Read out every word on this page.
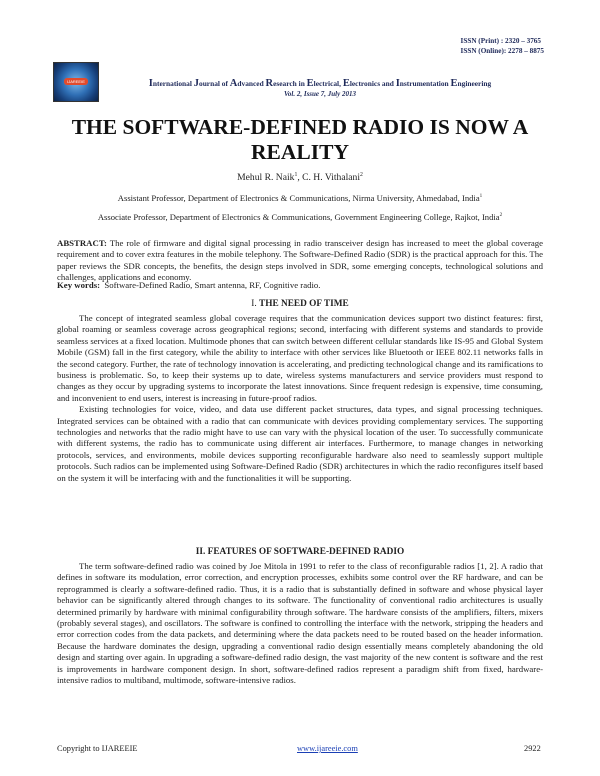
ISSN (Print) : 2320 – 3765
ISSN (Online): 2278 – 8875
IJAREEIE	International Journal of Advanced Research in Electrical, Electronics and Instrumentation Engineering
Vol. 2, Issue 7, July 2013
THE SOFTWARE-DEFINED RADIO IS NOW A
REALITY
Mehul R. Naik$^1$, C. H. Vithalani$^2$
Assistant Professor, Department of Electronics & Communications, Nirma University, Ahmedabad, India$^1$
Associate Professor, Department of Electronics & Communications, Government Engineering College, Rajkot, India$^2$

ABSTRACT: The role of firmware and digital signal processing in radio transceiver design has increased to meet the global coverage requirement and to cover extra features in the mobile telephony. The Software-Defined Radio (SDR) is the practical approach for this. The paper reviews the SDR concepts, the benefits, the design steps involved in SDR, some emerging concepts, technological solutions and challenges, applications and economy.

Key words:  Software-Defined Radio, Smart antenna, RF, Cognitive radio.
I. THE NEED OF TIME

The concept of integrated seamless global coverage requires that the communication devices support two distinct features: first, global roaming or seamless coverage across geographical regions; second, interfacing with different systems and standards to provide seamless services at a fixed location. Multimode phones that can switch between different cellular standards like IS-95 and Global System Mobile (GSM) fall in the first category, while the ability to interface with other services like Bluetooth or IEEE 802.11 networks falls in the second category. Further, the rate of technology innovation is accelerating, and predicting technological change and its ramifications to business is problematic. So, to keep their systems up to date, wireless systems manufacturers and service providers must respond to changes as they occur by upgrading systems to incorporate the latest innovations. Since frequent redesign is expensive, time consuming, and inconvenient to end users, interest is increasing in future-proof radios.

Existing technologies for voice, video, and data use different packet structures, data types, and signal processing techniques. Integrated services can be obtained with a radio that can communicate with devices providing complementary services. The supporting technologies and networks that the radio might have to use can vary with the physical location of the user. To successfully communicate with different systems, the radio has to communicate using different air interfaces. Furthermore, to manage changes in networking protocols, services, and environments, mobile devices supporting reconfigurable hardware also need to seamlessly support multiple protocols. Such radios can be implemented using Software-Defined Radio (SDR) architectures in which the radio reconfigures itself based on the system it will be interfacing with and the functionalities it will be supporting.

II. FEATURES OF SOFTWARE-DEFINED RADIO

The term software-defined radio was coined by Joe Mitola in 1991 to refer to the class of reconfigurable radios [1, 2]. A radio that defines in software its modulation, error correction, and encryption processes, exhibits some control over the RF hardware, and can be reprogrammed is clearly a software-defined radio. Thus, it is a radio that is substantially defined in software and whose physical layer behavior can be significantly altered through changes to its software. The functionality of conventional radio architectures is usually determined primarily by hardware with minimal configurability through software. The hardware consists of the amplifiers, filters, mixers (probably several stages), and oscillators. The software is confined to controlling the interface with the network, stripping the headers and error correction codes from the data packets, and determining where the data packets need to be routed based on the header information. Because the hardware dominates the design, upgrading a conventional radio design essentially means completely abandoning the old design and starting over again. In upgrading a software-defined radio design, the vast majority of the new content is software and the rest is improvements in hardware component design. In short, software-defined radios represent a paradigm shift from fixed, hardware-intensive radios to multiband, multimode, software-intensive radios.

Copyright to IJAREEIE	www.ijareeie.com	2922
